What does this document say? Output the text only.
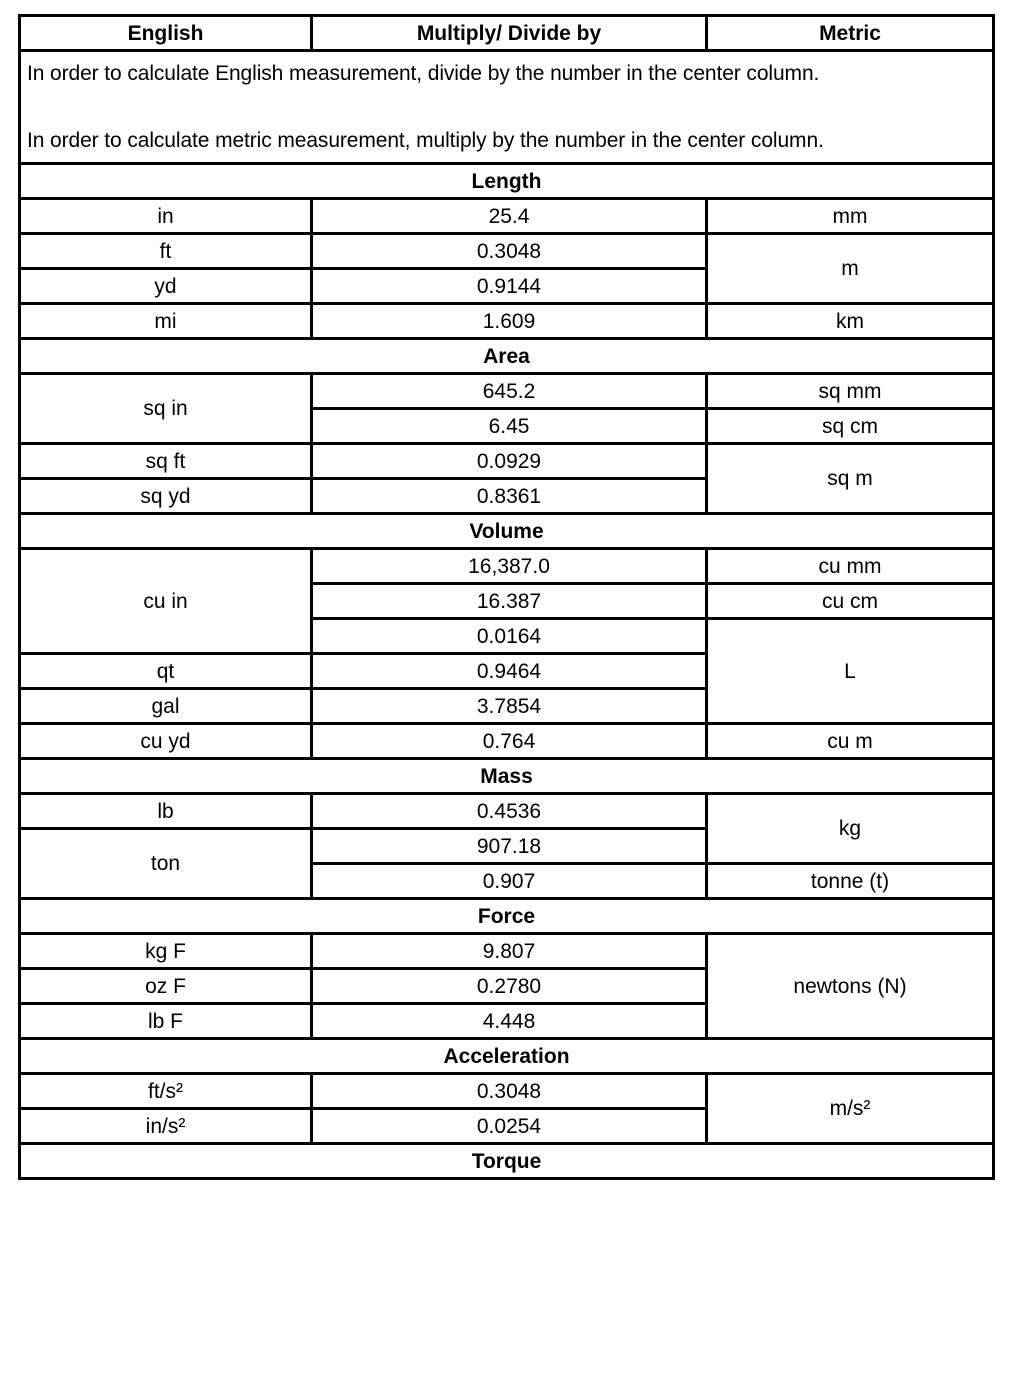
English	Multiply/ Divide by	Metric

In order to calculate English measurement, divide by the number in the center column.
In order to calculate metric measurement, multiply by the number in the center column.		

Length		
in	25.4	mm
ft	0.3048	m
yd	0.9144	
mi	1.609	km
Area		
sq in	645.2	sq mm
	6.45	sq cm
sq ft	0.0929	sq m
sq yd	0.8361	
Volume		
cu in	16,387.0	cu mm
	16.387	cu cm
	0.0164	L
qt	0.9464	
gal	3.7854	
cu yd	0.764	cu m
Mass		
lb	0.4536	kg
ton	907.18	
	0.907	tonne (t)
Force		
kg F	9.807	newtons (N)
oz F	0.2780	
lb F	4.448	
Acceleration		
ft/s²	0.3048	m/s²
in/s²	0.0254	
Torque		
